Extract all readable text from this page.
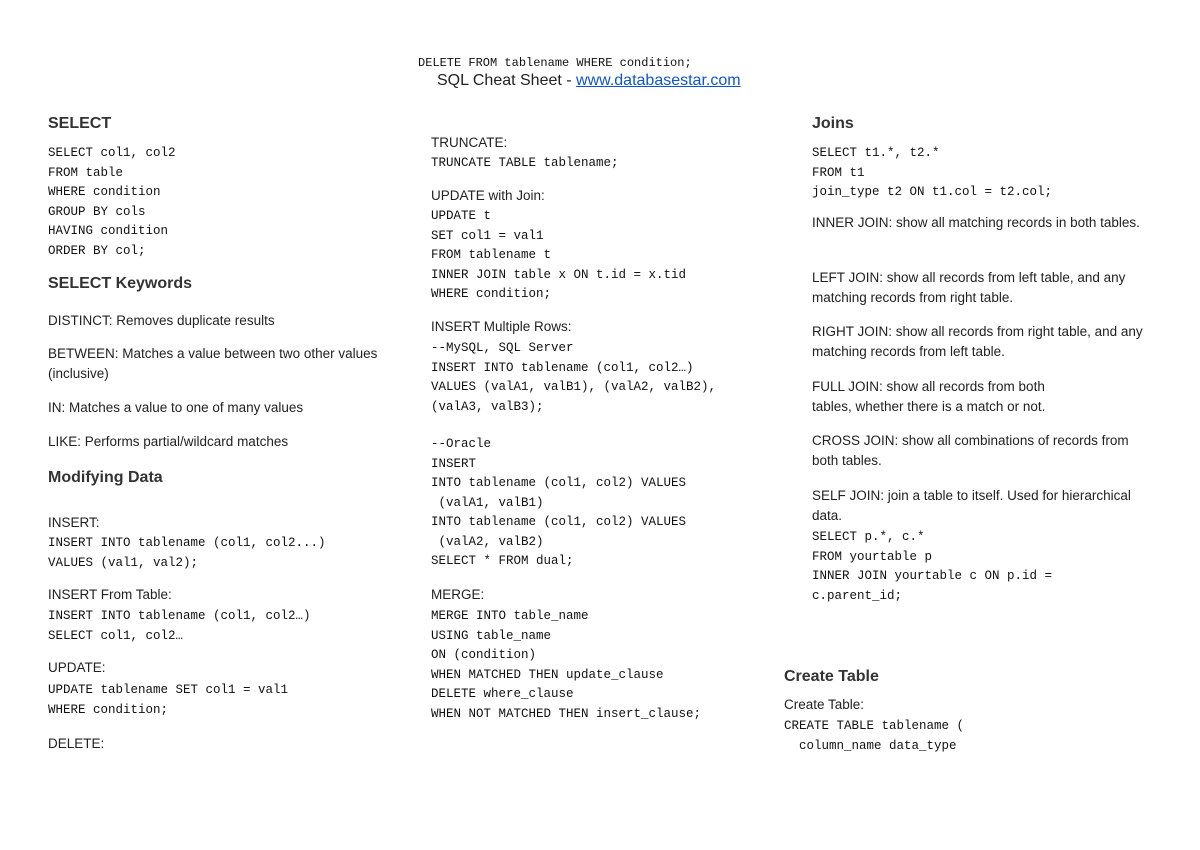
DELETE FROM tablename WHERE condition;
SQL Cheat Sheet - www.databasestar.com
SELECT
SELECT col1, col2
FROM table
WHERE condition
GROUP BY cols
HAVING condition
ORDER BY col;
SELECT Keywords
DISTINCT: Removes duplicate results
BETWEEN: Matches a value between two other values (inclusive)
IN: Matches a value to one of many values
LIKE: Performs partial/wildcard matches
Modifying Data
INSERT:
INSERT INTO tablename (col1, col2...)
VALUES (val1, val2);
INSERT From Table:
INSERT INTO tablename (col1, col2…)
SELECT col1, col2…
UPDATE:
UPDATE tablename SET col1 = val1
WHERE condition;
DELETE:
TRUNCATE:
TRUNCATE TABLE tablename;
UPDATE with Join:
UPDATE t
SET col1 = val1
FROM tablename t
INNER JOIN table x ON t.id = x.tid
WHERE condition;
INSERT Multiple Rows:
--MySQL, SQL Server
INSERT INTO tablename (col1, col2…)
VALUES (valA1, valB1), (valA2, valB2),
(valA3, valB3);
--Oracle
INSERT
INTO tablename (col1, col2) VALUES
(valA1, valB1)
INTO tablename (col1, col2) VALUES
(valA2, valB2)
SELECT * FROM dual;
MERGE:
MERGE INTO table_name
USING table_name
ON (condition)
WHEN MATCHED THEN update_clause
DELETE where_clause
WHEN NOT MATCHED THEN insert_clause;
Joins
SELECT t1.*, t2.*
FROM t1
join_type t2 ON t1.col = t2.col;
INNER JOIN: show all matching records in both tables.
LEFT JOIN: show all records from left table, and any matching records from right table.
RIGHT JOIN: show all records from right table, and any matching records from left table.
FULL JOIN: show all records from both
tables, whether there is a match or not.
CROSS JOIN: show all combinations of records from both tables.
SELF JOIN: join a table to itself. Used for hierarchical data.
SELECT p.*, c.*
FROM yourtable p
INNER JOIN yourtable c ON p.id =
c.parent_id;
Create Table
Create Table:
CREATE TABLE tablename (
column_name data_type
